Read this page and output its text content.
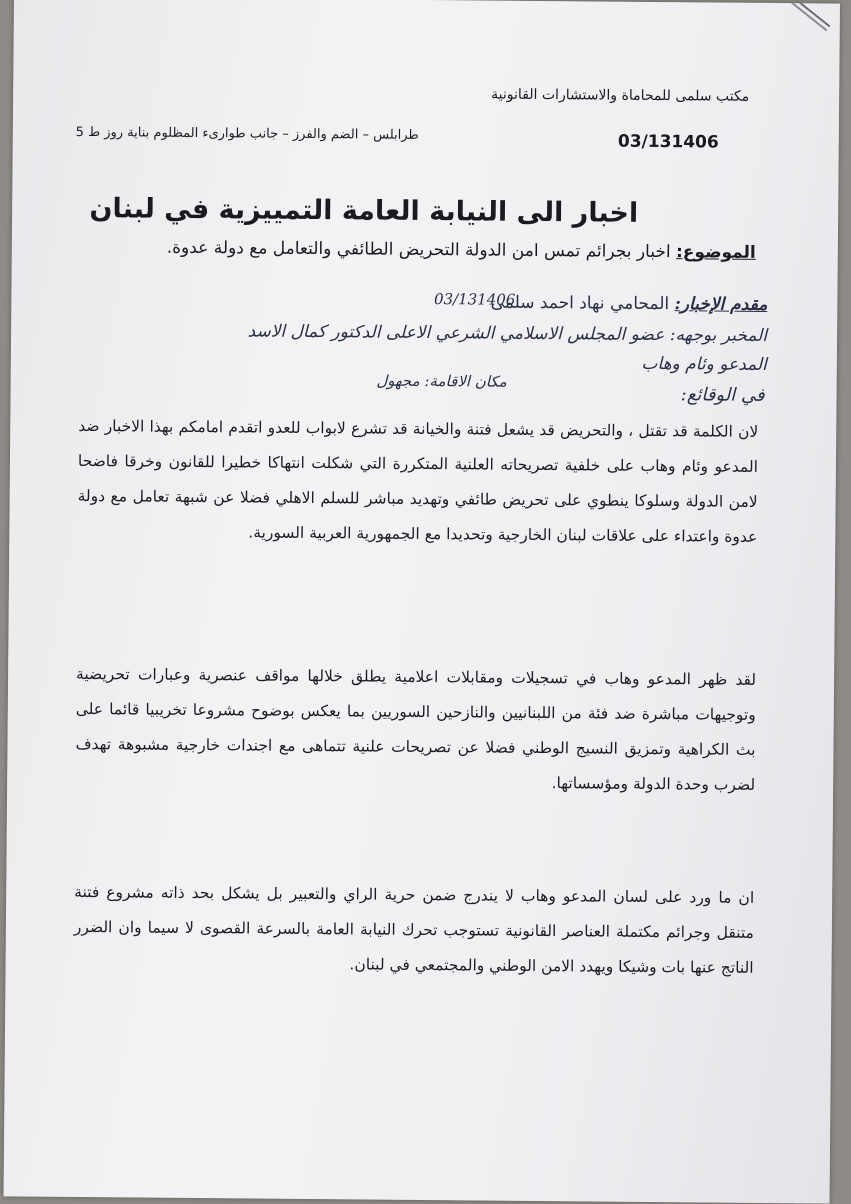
مكتب سلمى للمحاماة والاستشارات القانونية
طرابلس – الضم والفرز – جانب طوارىء المظلوم بناية روز ط 5	03/131406
اخبار الى النيابة العامة التمييزية في لبنان
الموضوع: اخبار بجرائم تمس امن الدولة التحريض الطائفي والتعامل مع دولة عدوة.
مقدم الإخبار: المحامي نهاد احمد سلمى
03/131406
المخبر بوجهه: عضو المجلس الاسلامي الشرعي الاعلى الدكتور كمال الاسد
المدعو وئام وهاب
مكان الاقامة: مجهول
في الوقائع:
لان الكلمة قد تقتل ، والتحريض قد يشعل فتنة والخيانة قد تشرع لابواب للعدو اتقدم امامكم بهذا الاخبار ضد المدعو وئام وهاب على خلفية تصريحاته العلنية المتكررة التي شكلت انتهاكا خطيرا للقانون وخرقا فاضحا لامن الدولة وسلوكا ينطوي على تحريض طائفي وتهديد مباشر للسلم الاهلي فضلا عن شبهة تعامل مع دولة عدوة واعتداء على علاقات لبنان الخارجية وتحديدا مع الجمهورية العربية السورية.
لقد ظهر المدعو وهاب في تسجيلات ومقابلات اعلامية يطلق خلالها مواقف عنصرية وعبارات تحريضية وتوجيهات مباشرة ضد فئة من اللبنانيين والنازحين السوريين بما يعكس بوضوح مشروعا تخريبيا قائما على بث الكراهية وتمزيق النسيج الوطني فضلا عن تصريحات علنية تتماهى مع اجندات خارجية مشبوهة تهدف لضرب وحدة الدولة ومؤسساتها.
ان ما ورد على لسان المدعو وهاب لا يندرج ضمن حرية الراي والتعبير بل يشكل بحد ذاته مشروع فتنة متنقل وجرائم مكتملة العناصر القانونية تستوجب تحرك النيابة العامة بالسرعة القصوى لا سيما وان الضرر الناتج عنها بات وشيكا ويهدد الامن الوطني والمجتمعي في لبنان.
